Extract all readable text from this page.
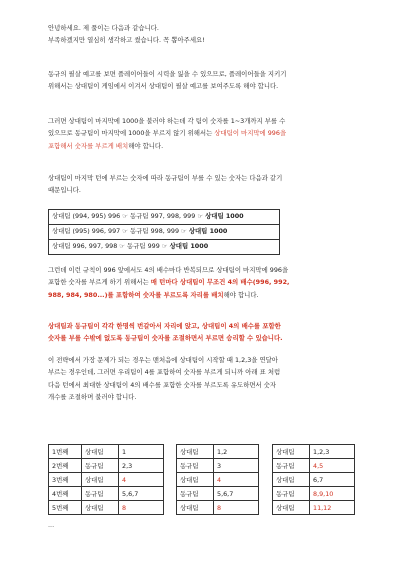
안녕하세요. 제 풀이는 다음과 같습니다.
부족하겠지만 열심히 생각하고 썼습니다. 꼭 뽑아주세요!
동규의 필살 예고를 보면 플레이어들이 시력을 잃을 수 있으므로, 플레이어들을 지키기
위해서는 상대팀이 게임에서 이겨서 상대팀이 필살 예고를 보여주도록 해야 합니다.
그러면 상대팀이 마지막에 1000을 불러야 하는데 각 팀이 숫자를 1~3개까지 부를 수
있으므로 동규팀이 마지막에 1000을 부르지 않기 위해서는 상대팀이 마지막에 996을
포함해서 숫자를 부르게 배치해야 합니다.
상대팀이 마지막 턴에 부르는 숫자에 따라 동규팀이 부를 수 있는 숫자는 다음과 같기
때문입니다.
상대팀 (994, 995) 996 ☞ 동규팀 997, 998, 999 ☞ 상대팀 1000
상대팀 (995) 996, 997 ☞ 동규팀 998, 999 ☞ 상대팀 1000
상대팀 996, 997, 998 ☞ 동규팀 999 ☞ 상대팀 1000
그런데 이런 규칙이 996 앞에서도 4의 배수마다 반복되므로 상대팀이 마지막에 996을
포함한 숫자를 부르게 하기 위해서는 매 턴마다 상대팀이 무조건 4의 배수(996, 992,
988, 984, 980...)를 포함하여 숫자를 부르도록 자리를 배치해야 합니다.
상대팀과 동규팀이 각각 한명씩 번갈아서 자리에 앉고, 상대팀이 4의 배수를 포함한
숫자를 부를 수밖에 없도록 동규팀이 숫자를 조절하면서 부르면 승리할 수 있습니다.
이 전략에서 가장 문제가 되는 경우는 맨처음에 상대팀이 시작할 때 1,2,3을 연달아
부르는 경우인데, 그러면 우리팀이 4를 포함하여 숫자를 부르게 되니까 아래 표 처럼
다음 턴에서 최대한 상대팀이 4의 배수를 포함한 숫자를 부르도록 유도하면서 숫자
개수를 조절하며 불러야 합니다.
1번째	상대팀	1
2번째	동규팀	2,3
3번째	상대팀	4
4번째	동규팀	5,6,7
5번째	상대팀	8
상대팀	1,2
동규팀	3
상대팀	4
동규팀	5,6,7
상대팀	8
상대팀	1,2,3
동규팀	4,5
상대팀	6,7
동규팀	8,9,10
상대팀	11,12
...
